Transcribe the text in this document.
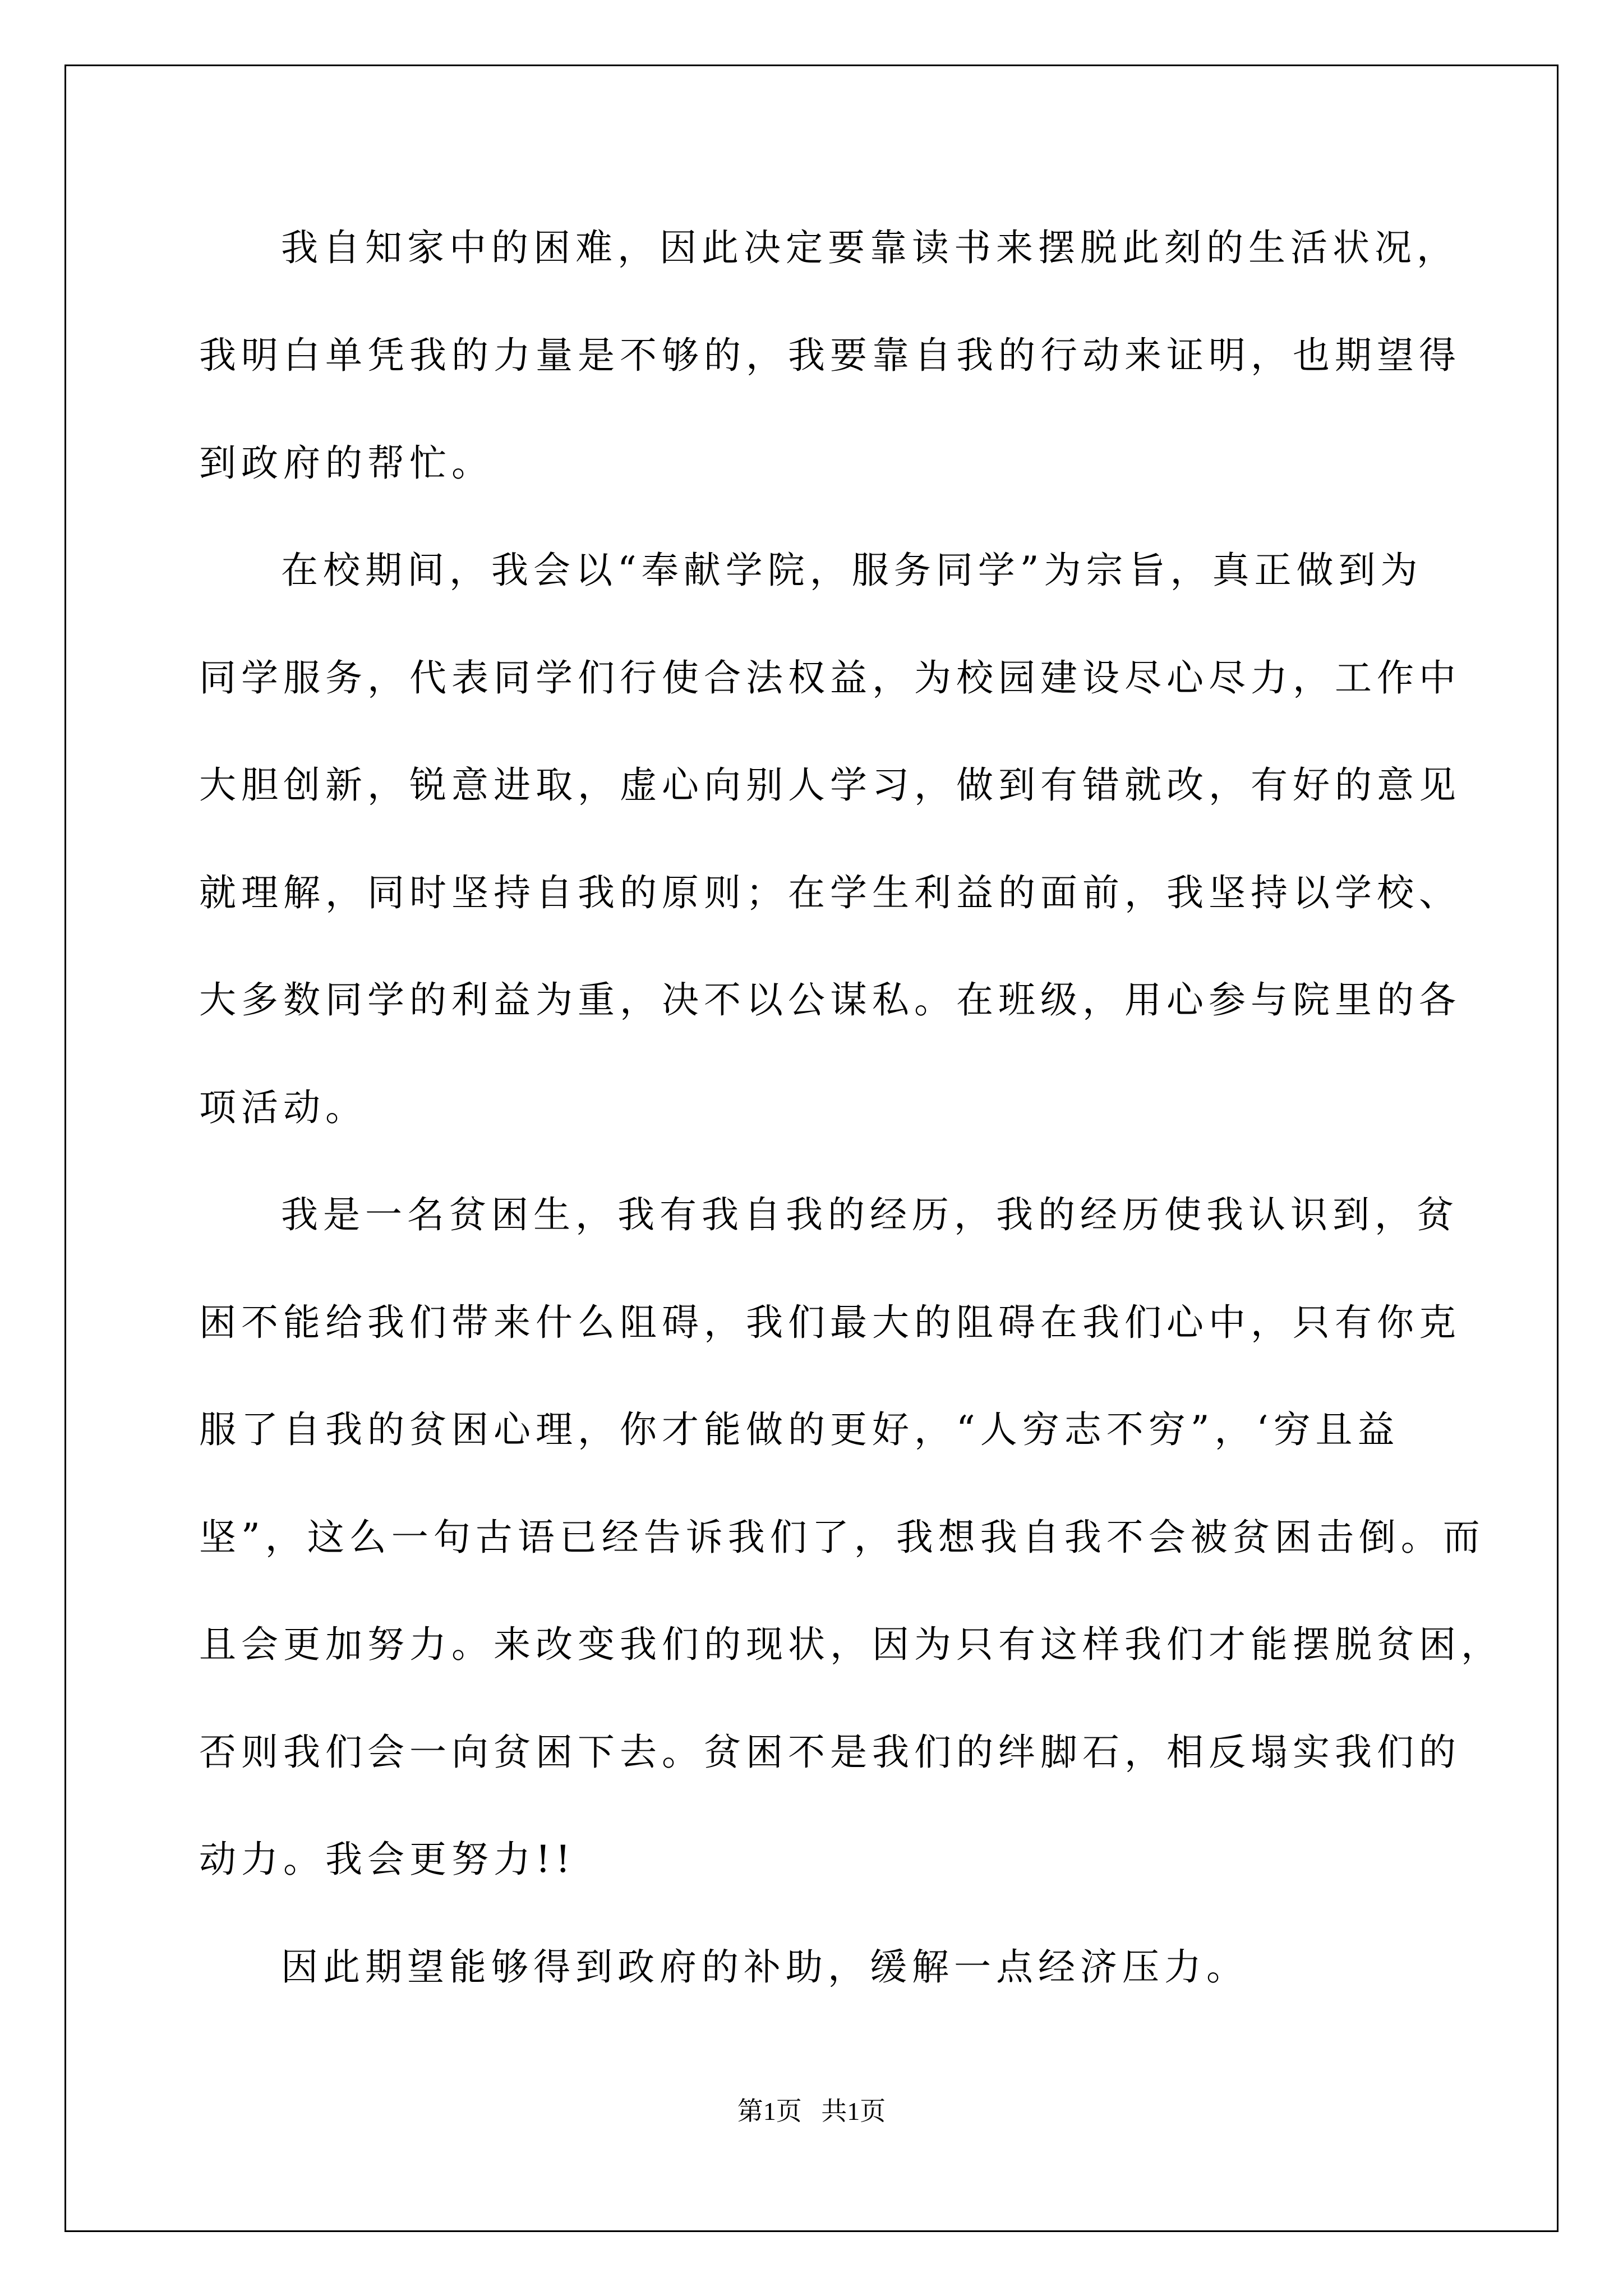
我自知家中的困难，因此决定要靠读书来摆脱此刻的生活状况，
我明白单凭我的力量是不够的，我要靠自我的行动来证明，也期望得
到政府的帮忙。
在校期间，我会以“奉献学院，服务同学”为宗旨，真正做到为
同学服务，代表同学们行使合法权益，为校园建设尽心尽力，工作中
大胆创新，锐意进取，虚心向别人学习，做到有错就改，有好的意见
就理解，同时坚持自我的原则；在学生利益的面前，我坚持以学校、
大多数同学的利益为重，决不以公谋私。在班级，用心参与院里的各
项活动。
我是一名贫困生，我有我自我的经历，我的经历使我认识到，贫
困不能给我们带来什么阻碍，我们最大的阻碍在我们心中，只有你克
服了自我的贫困心理，你才能做的更好，“人穷志不穷”，‘穷且益
坚”，这么一句古语已经告诉我们了，我想我自我不会被贫困击倒。而
且会更加努力。来改变我们的现状，因为只有这样我们才能摆脱贫困，
否则我们会一向贫困下去。贫困不是我们的绊脚石，相反塌实我们的
动力。我会更努力!!
因此期望能够得到政府的补助，缓解一点经济压力。
第1页   共1页
